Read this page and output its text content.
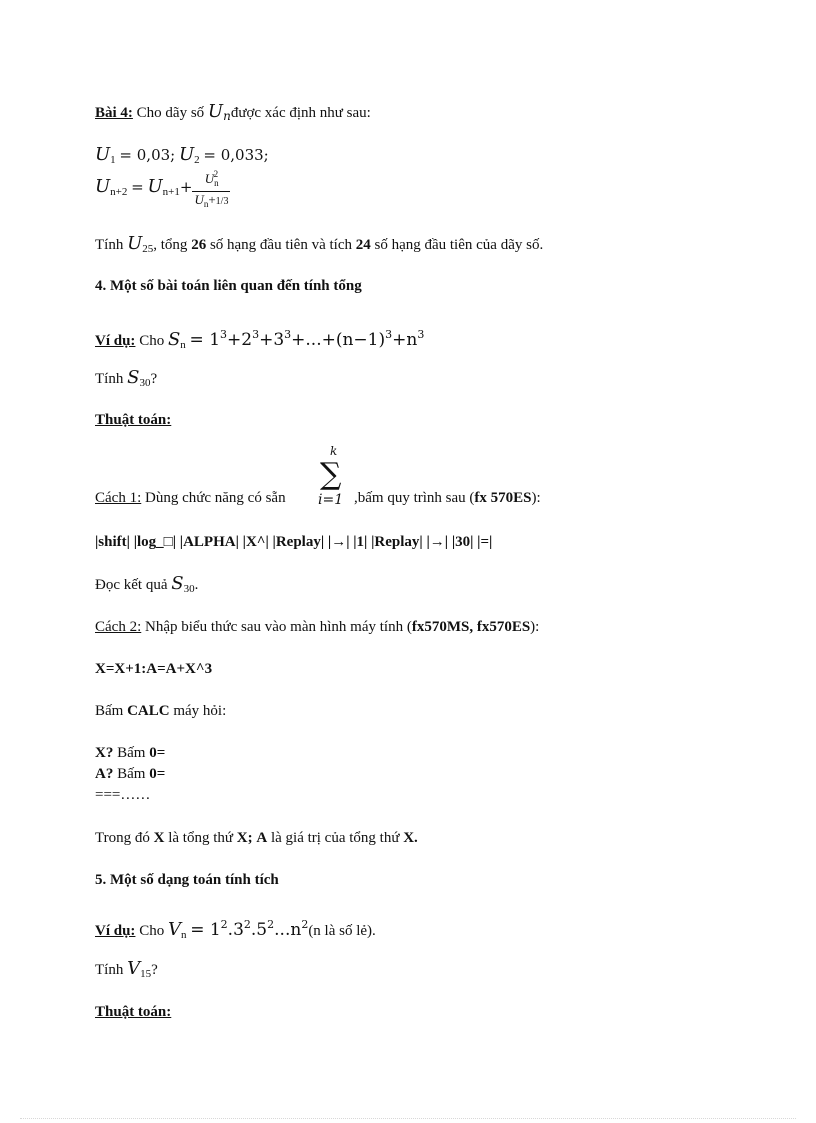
Bài 4: Cho dãy số $U_nđược$ xác định như sau:
$U_1 = 0,03$; $U_2 = 0,033$;
$U_{n+2} = U_{n+1}+ \frac{U_n^2}{U_n+1/3}$
Tính $U_{25}$, tổng 26 số hạng đầu tiên và tích 24 số hạng đầu tiên của dãy số.
4. Một số bài toán liên quan đến tính tổng
Ví dụ: Cho $S_n = 1^3+2^3+3^3+...+(n-1)^3+n^3$
Tính $S_{30}$?
Thuật toán:
Cách 1: Dùng chức năng có sẵn
k
∑
i=1 ,bấm quy trình sau (fx 570ES):
|shift| |log_□| |ALPHA| |X^| |Replay| |→| |1| |Replay| |→| |30| |=|
Đọc kết quả $S_{30}$.
Cách 2: Nhập biểu thức sau vào màn hình máy tính (fx570MS, fx570ES):
X=X+1:A=A+X^3
Bấm CALC máy hỏi:
X? Bấm 0=
A? Bấm 0=
===……
Trong đó X là tổng thứ X; A là giá trị của tổng thứ X.
5. Một số dạng toán tính tích
Ví dụ: Cho $V_n = 1^2.3^2.5^2...n^2(n$ là số lẻ).
Tính $V_{15}$?
Thuật toán:
